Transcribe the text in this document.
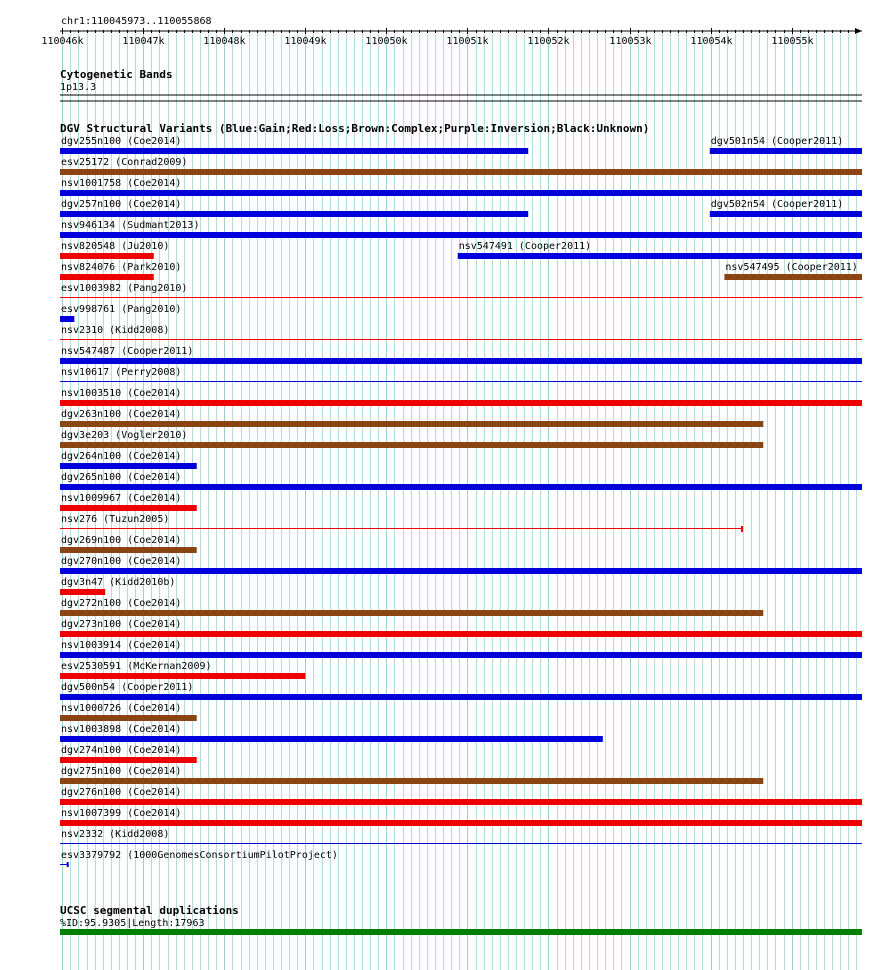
chr1:110045973..110055868
110046k	110047k	110048k	110049k	110050k	110051k	110052k	110053k	110054k	110055k
Cytogenetic Bands
1p13.3
DGV Structural Variants (Blue:Gain;Red:Loss;Brown:Complex;Purple:Inversion;Black:Unknown)
dgv255n100 (Coe2014)	dgv501n54 (Cooper2011)
esv25172 (Conrad2009)
nsv1001758 (Coe2014)
dgv257n100 (Coe2014)	dgv502n54 (Cooper2011)
nsv946134 (Sudmant2013)
nsv820548 (Ju2010)	nsv547491 (Cooper2011)
nsv824076 (Park2010)	nsv547495 (Cooper2011)
esv1003982 (Pang2010)
esv998761 (Pang2010)
nsv2310 (Kidd2008)
nsv547487 (Cooper2011)
nsv10617 (Perry2008)
nsv1003510 (Coe2014)
dgv263n100 (Coe2014)
dgv3e203 (Vogler2010)
dgv264n100 (Coe2014)
dgv265n100 (Coe2014)
nsv1009967 (Coe2014)
nsv276 (Tuzun2005)
dgv269n100 (Coe2014)
dgv270n100 (Coe2014)
dgv3n47 (Kidd2010b)
dgv272n100 (Coe2014)
dgv273n100 (Coe2014)
nsv1003914 (Coe2014)
esv2530591 (McKernan2009)
dgv500n54 (Cooper2011)
nsv1000726 (Coe2014)
nsv1003898 (Coe2014)
dgv274n100 (Coe2014)
dgv275n100 (Coe2014)
dgv276n100 (Coe2014)
nsv1007399 (Coe2014)
nsv2332 (Kidd2008)
esv3379792 (1000GenomesConsortiumPilotProject)
UCSC segmental duplications
%ID:95.9305|Length:17963
